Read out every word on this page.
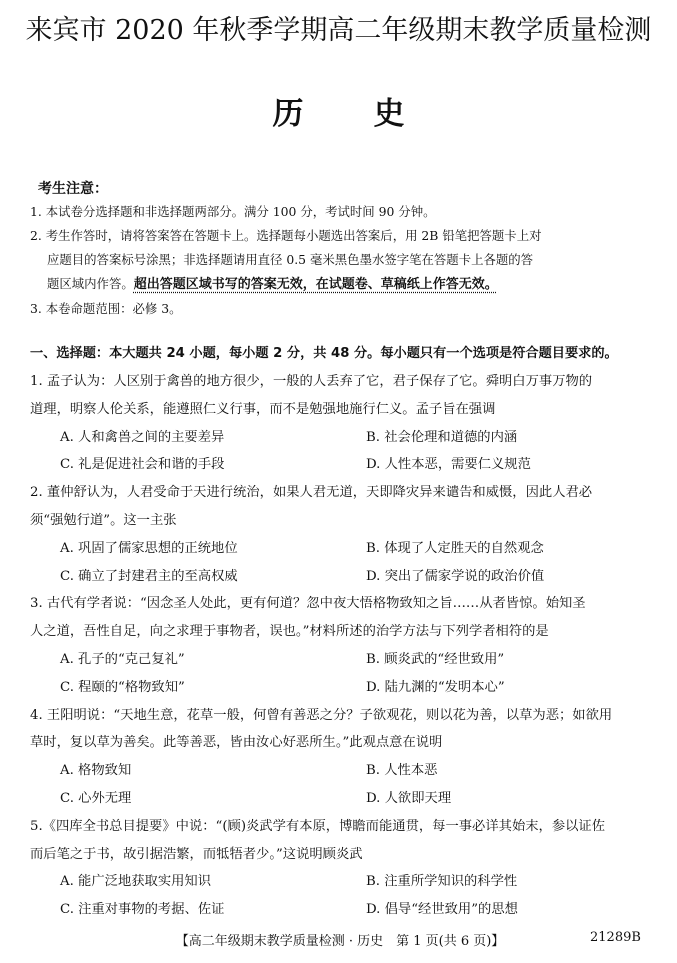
来宾市 2020 年秋季学期高二年级期末教学质量检测
历 史
考生注意：
1. 本试卷分选择题和非选择题两部分。满分 100 分，考试时间 90 分钟。
2. 考生作答时，请将答案答在答题卡上。选择题每小题选出答案后，用 2B 铅笔把答题卡上对
应题目的答案标号涂黑；非选择题请用直径 0.5 毫米黑色墨水签字笔在答题卡上各题的答
题区域内作答。超出答题区域书写的答案无效，在试题卷、草稿纸上作答无效。
3. 本卷命题范围：必修 3。
一、选择题：本大题共 24 小题，每小题 2 分，共 48 分。每小题只有一个选项是符合题目要求的。
1. 孟子认为：人区别于禽兽的地方很少，一般的人丢弃了它，君子保存了它。舜明白万事万物的
道理，明察人伦关系，能遵照仁义行事，而不是勉强地施行仁义。孟子旨在强调
A. 人和禽兽之间的主要差异	B. 社会伦理和道德的内涵
C. 礼是促进社会和谐的手段	D. 人性本恶，需要仁义规范
2. 董仲舒认为，人君受命于天进行统治，如果人君无道，天即降灾异来谴告和威慑，因此人君必
须“强勉行道”。这一主张
A. 巩固了儒家思想的正统地位	B. 体现了人定胜天的自然观念
C. 确立了封建君主的至高权威	D. 突出了儒家学说的政治价值
3. 古代有学者说：“因念圣人处此，更有何道？忽中夜大悟格物致知之旨……从者皆惊。始知圣
人之道，吾性自足，向之求理于事物者，误也。”材料所述的治学方法与下列学者相符的是
A. 孔子的“克己复礼”	B. 顾炎武的“经世致用”
C. 程颐的“格物致知”	D. 陆九渊的“发明本心”
4. 王阳明说：“天地生意，花草一般，何曾有善恶之分？子欲观花，则以花为善，以草为恶；如欲用
草时，复以草为善矣。此等善恶，皆由汝心好恶所生。”此观点意在说明
A. 格物致知	B. 人性本恶
C. 心外无理	D. 人欲即天理
5.《四库全书总目提要》中说：“(顾)炎武学有本原，博瞻而能通贯，每一事必详其始末，参以证佐
而后笔之于书，故引据浩繁，而牴牾者少。”这说明顾炎武
A. 能广泛地获取实用知识	B. 注重所学知识的科学性
C. 注重对事物的考据、佐证	D. 倡导“经世致用”的思想
【高二年级期末教学质量检测 · 历史　第 1 页(共 6 页)】	21289B
